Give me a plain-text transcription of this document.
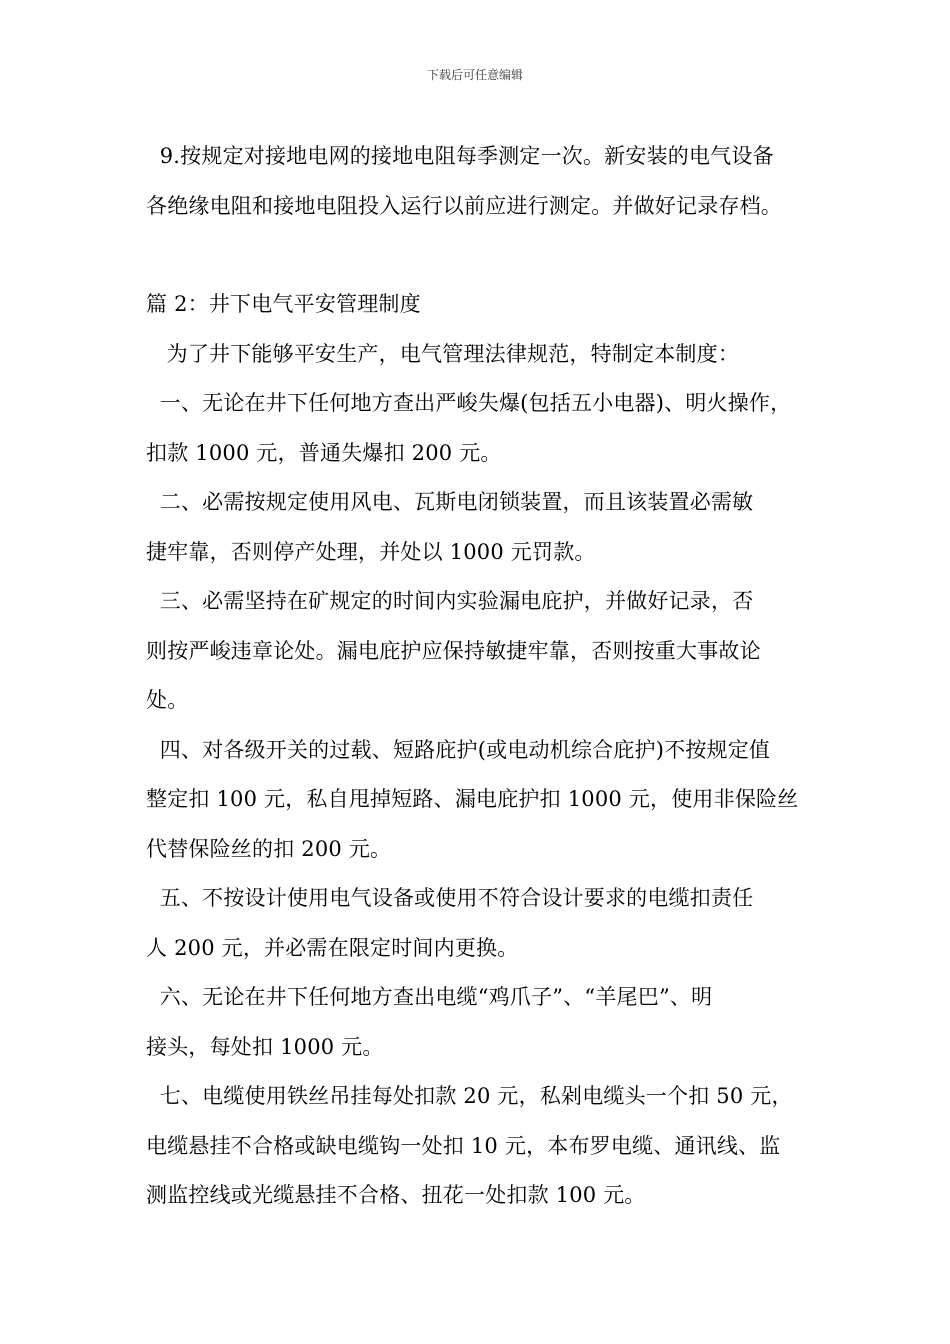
下载后可任意编辑
9.按规定对接地电网的接地电阻每季测定一次。新安装的电气设备
各绝缘电阻和接地电阻投入运行以前应进行测定。并做好记录存档。
篇 2：井下电气平安管理制度
为了井下能够平安生产，电气管理法律规范，特制定本制度：
一、无论在井下任何地方查出严峻失爆(包括五小电器)、明火操作，
扣款 1000 元，普通失爆扣 200 元。
二、必需按规定使用风电、瓦斯电闭锁装置，而且该装置必需敏
捷牢靠，否则停产处理，并处以 1000 元罚款。
三、必需坚持在矿规定的时间内实验漏电庇护，并做好记录，否
则按严峻违章论处。漏电庇护应保持敏捷牢靠，否则按重大事故论
处。
四、对各级开关的过载、短路庇护(或电动机综合庇护)不按规定值
整定扣 100 元，私自甩掉短路、漏电庇护扣 1000 元，使用非保险丝
代替保险丝的扣 200 元。
五、不按设计使用电气设备或使用不符合设计要求的电缆扣责任
人 200 元，并必需在限定时间内更换。
六、无论在井下任何地方查出电缆“鸡爪子”、“羊尾巴”、明
接头，每处扣 1000 元。
七、电缆使用铁丝吊挂每处扣款 20 元，私剁电缆头一个扣 50 元，
电缆悬挂不合格或缺电缆钩一处扣 10 元，本布罗电缆、通讯线、监
测监控线或光缆悬挂不合格、扭花一处扣款 100 元。
